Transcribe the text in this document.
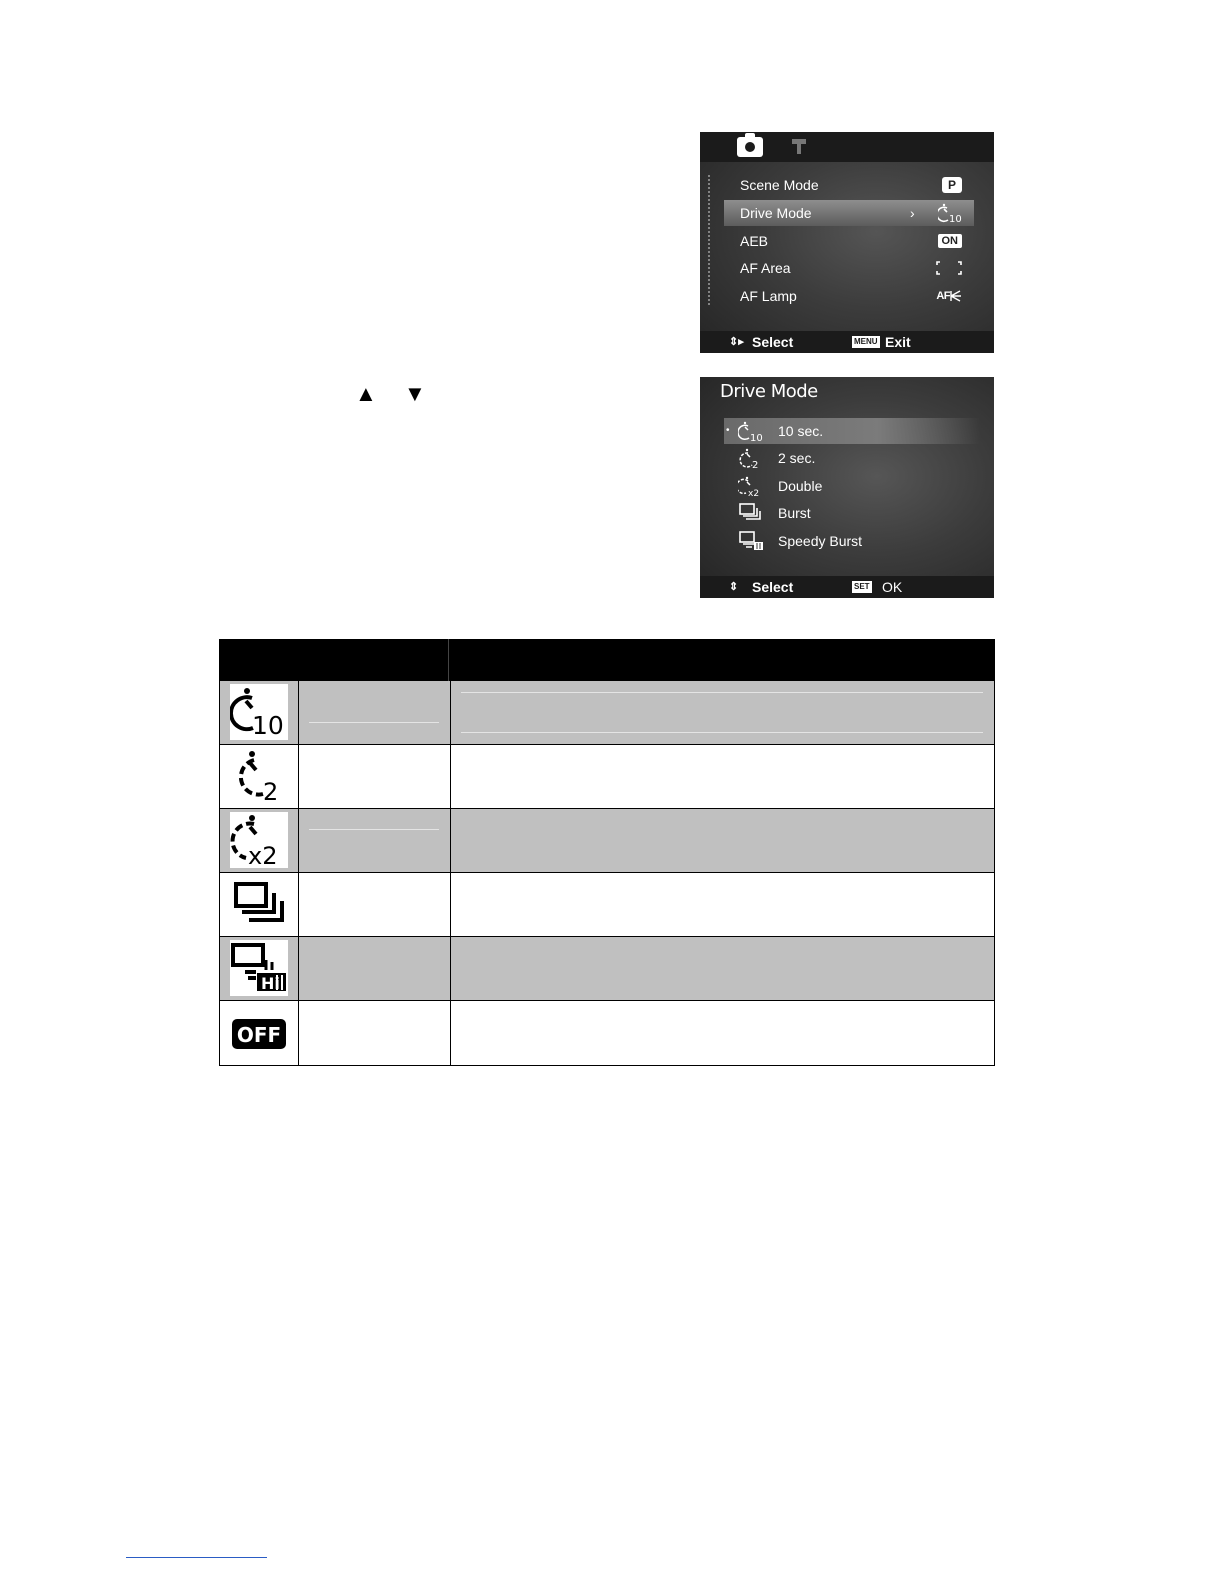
Scene Mode	P
Drive Mode	›	10
AEB	ON
AF Area
AF Lamp	AF
⇕▸ Select	MENU Exit
Drive Mode
•
10 10 sec.
2 2 sec.
x2 Double
Burst
Speedy Burst
⇕ Select	SET OK
▲ ▼
10
2
x2
Hi
OFF
